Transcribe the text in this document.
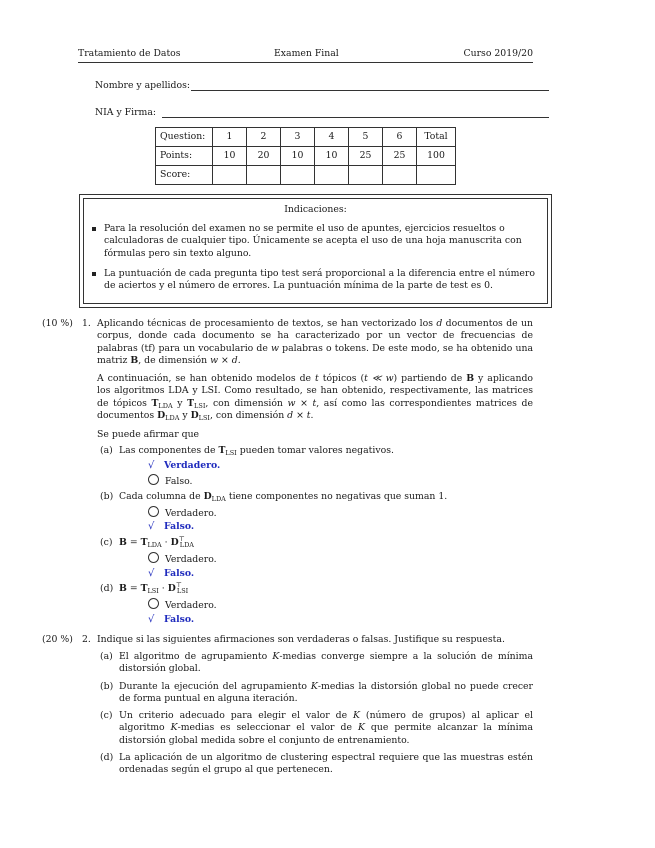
Tratamiento de Datos	Examen Final	Curso 2019/20
Nombre y apellidos:
NIA y Firma:
Question:	1	2	3	4	5	6	Total
Points:	10	20	10	10	25	25	100
Score:							
Indicaciones:
Para la resolución del examen no se permite el uso de apuntes, ejercicios resueltos o calculadoras de cualquier tipo. Únicamente se acepta el uso de una hoja manuscrita con fórmulas pero sin texto alguno.
La puntuación de cada pregunta tipo test será proporcional a la diferencia entre el número de aciertos y el número de errores. La puntuación mínima de la parte de test es 0.
(10 %) 1. Aplicando técnicas de procesamiento de textos, se han vectorizado los d documentos de un corpus, donde cada documento se ha caracterizado por un vector de frecuencias de palabras (tf) para un vocabulario de w palabras o tokens. De este modo, se ha obtenido una matriz B, de dimensión w × d.
A continuación, se han obtenido modelos de t tópicos (t ≪ w) partiendo de B y aplicando los algoritmos LDA y LSI. Como resultado, se han obtenido, respectivamente, las matrices de tópicos $T_{LDA}$ y $T_{LSI}$, con dimensión w × t, así como las correspondientes matrices de documentos $D_{LDA}$ y $D_{LSI}$, con dimensión d × t.
Se puede afirmar que
(a) Las componentes de $T_{LSI}$ pueden tomar valores negativos.
√ Verdadero.
Falso.
(b) Cada columna de $D_{LDA}$ tiene componentes no negativas que suman 1.
Verdadero.
√ Falso.
(c) $B = T_{LDA} \cdot D^⊤_{LDA}$
Verdadero.
√ Falso.
(d) $B = T_{LSI} \cdot D^⊤_{LSI}$
Verdadero.
√ Falso.
(20 %) 2. Indique si las siguientes afirmaciones son verdaderas o falsas. Justifique su respuesta.
(a) El algoritmo de agrupamiento K-medias converge siempre a la solución de mínima distorsión global.
(b) Durante la ejecución del agrupamiento K-medias la distorsión global no puede crecer de forma puntual en alguna iteración.
(c) Un criterio adecuado para elegir el valor de K (número de grupos) al aplicar el algoritmo K-medias es seleccionar el valor de K que permite alcanzar la mínima distorsión global medida sobre el conjunto de entrenamiento.
(d) La aplicación de un algoritmo de clustering espectral requiere que las muestras estén ordenadas según el grupo al que pertenecen.
